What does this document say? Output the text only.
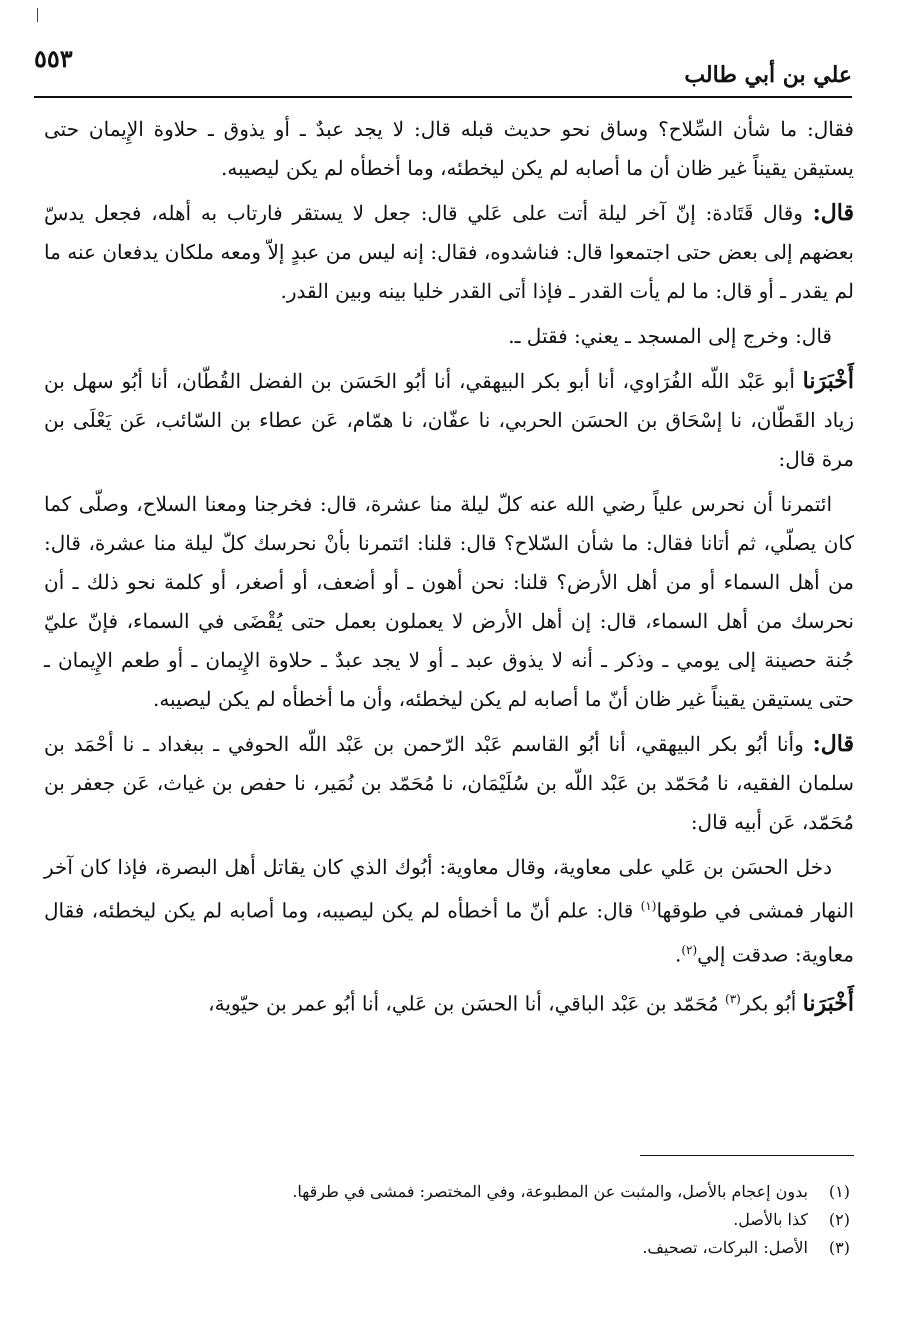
٥٥٣
علي بن أبي طالب

فقال: ما شأن السِّلاح؟ وساق نحو حديث قبله قال: لا يجد عبدٌ ـ أو يذوق ـ حلاوة الإِيمان حتى يستيقن يقيناً غير ظان أن ما أصابه لم يكن ليخطئه، وما أخطأه لم يكن ليصيبه.

قال: وقال قَتَادة: إنّ آخر ليلة أتت على عَلي قال: جعل لا يستقر فارتاب به أهله، فجعل يدسّ بعضهم إلى بعض حتى اجتمعوا قال: فناشدوه، فقال: إنه ليس من عبدٍ إلاّ ومعه ملكان يدفعان عنه ما لم يقدر ـ أو قال: ما لم يأت القدر ـ فإذا أتى القدر خليا بينه وبين القدر.

قال: وخرج إلى المسجد ـ يعني: فقتل ـ.

أَخْبَرَنا أبو عَبْد اللّه الفُرَاوي، أنا أبو بكر البيهقي، أنا أبُو الحَسَن بن الفضل القُطّان، أنا أبُو سهل بن زياد القَطّان، نا إسْحَاق بن الحسَن الحربي، نا عفّان، نا همّام، عَن عطاء بن السّائب، عَن يَعْلَى بن مرة قال:

ائتمرنا أن نحرس علياً رضي الله عنه كلّ ليلة منا عشرة، قال: فخرجنا ومعنا السلاح، وصلّى كما كان يصلّي، ثم أتانا فقال: ما شأن السّلاح؟ قال: قلنا: ائتمرنا بأنْ نحرسك كلّ ليلة منا عشرة، قال: من أهل السماء أو من أهل الأرض؟ قلنا: نحن أهون ـ أو أضعف، أو أصغر، أو كلمة نحو ذلك ـ أن نحرسك من أهل السماء، قال: إن أهل الأرض لا يعملون بعمل حتى يُقْضَى في السماء، فإنّ عليّ جُنة حصينة إلى يومي ـ وذكر ـ أنه لا يذوق عبد ـ أو لا يجد عبدٌ ـ حلاوة الإِيمان ـ أو طعم الإِيمان ـ حتى يستيقن يقيناً غير ظان أنّ ما أصابه لم يكن ليخطئه، وأن ما أخطأه لم يكن ليصيبه.

قال: وأنا أبُو بكر البيهقي، أنا أبُو القاسم عَبْد الرّحمن بن عَبْد اللّه الحوفي ـ ببغداد ـ نا أحْمَد بن سلمان الفقيه، نا مُحَمّد بن عَبْد اللّه بن سُلَيْمَان، نا مُحَمّد بن نُمَير، نا حفص بن غياث، عَن جعفر بن مُحَمّد، عَن أبيه قال:

دخل الحسَن بن عَلي على معاوية، وقال معاوية: أبُوك الذي كان يقاتل أهل البصرة، فإذا كان آخر النهار فمشى في طوقها$^{(١)}$ قال: علم أنّ ما أخطأه لم يكن ليصيبه، وما أصابه لم يكن ليخطئه، فقال معاوية: صدقت إلي$^{(٢)}$.

أَخْبَرَنا أبُو بكر$^{(٣)}$ مُحَمّد بن عَبْد الباقي، أنا الحسَن بن عَلي، أنا أبُو عمر بن حيّوية،

(١)
بدون إعجام بالأصل، والمثبت عن المطبوعة، وفي المختصر: فمشى في طرقها.
(٢)
كذا بالأصل.
(٣)
الأصل: البركات، تصحيف.
